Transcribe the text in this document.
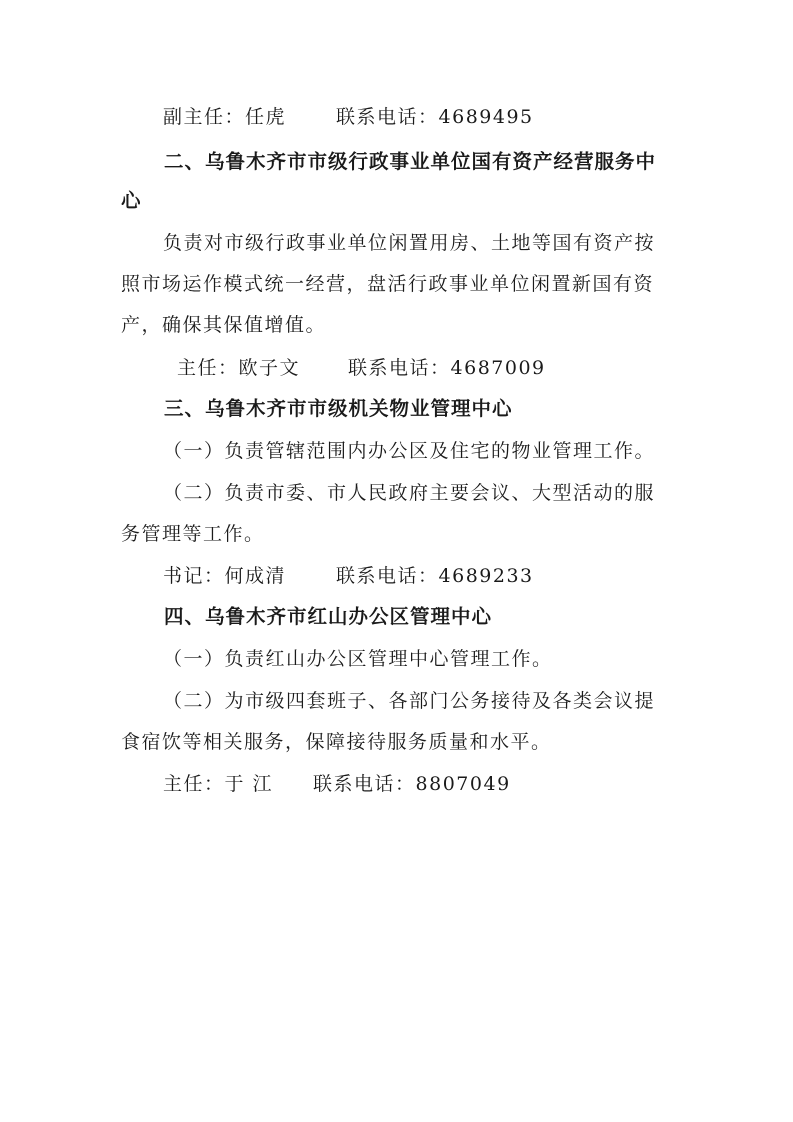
副主任：任虎	联系电话：4689495
二、乌鲁木齐市市级行政事业单位国有资产经营服务中
心
负责对市级行政事业单位闲置用房、土地等国有资产按
照市场运作模式统一经营，盘活行政事业单位闲置新国有资
产，确保其保值增值。
主任：欧子文	联系电话：4687009
三、乌鲁木齐市市级机关物业管理中心
（一）负责管辖范围内办公区及住宅的物业管理工作。
（二）负责市委、市人民政府主要会议、大型活动的服
务管理等工作。
书记：何成清	联系电话：4689233
四、乌鲁木齐市红山办公区管理中心
（一）负责红山办公区管理中心管理工作。
（二）为市级四套班子、各部门公务接待及各类会议提
食宿饮等相关服务，保障接待服务质量和水平。
主任：于 江 联系电话：8807049
